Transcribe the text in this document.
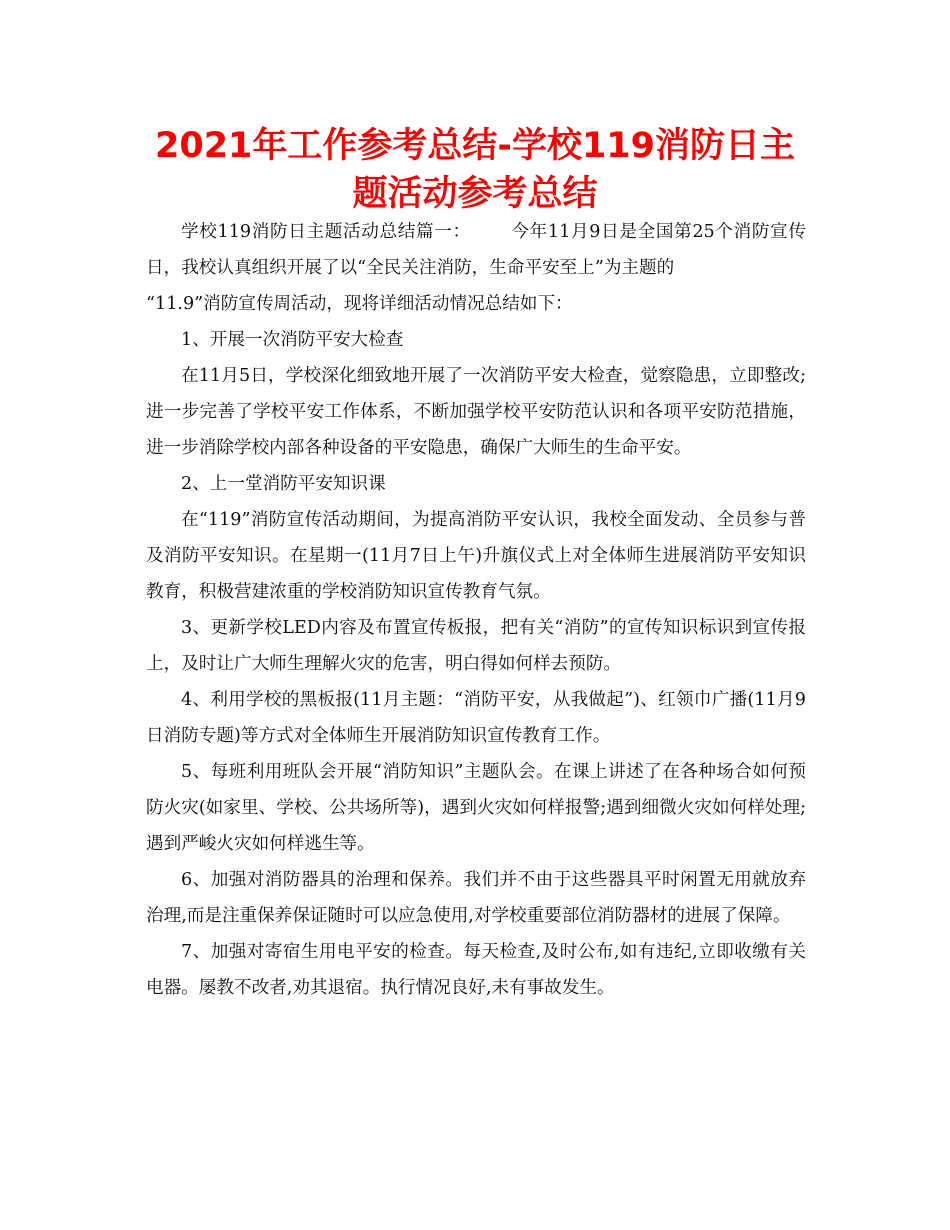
2021年工作参考总结-学校119消防日主题活动参考总结

学校119消防日主题活动总结篇一： 今年11月9日是全国第25个消防宣传日，我校认真组织开展了以“全民关注消防，生命平安至上”为主题的

“11.9”消防宣传周活动，现将详细活动情况总结如下：

1、开展一次消防平安大检查

在11月5日，学校深化细致地开展了一次消防平安大检查，觉察隐患，立即整改;进一步完善了学校平安工作体系，不断加强学校平安防范认识和各项平安防范措施，进一步消除学校内部各种设备的平安隐患，确保广大师生的生命平安。

2、上一堂消防平安知识课

在“119”消防宣传活动期间，为提高消防平安认识，我校全面发动、全员参与普及消防平安知识。在星期一(11月7日上午)升旗仪式上对全体师生进展消防平安知识教育，积极营建浓重的学校消防知识宣传教育气氛。

3、更新学校LED内容及布置宣传板报，把有关“消防”的宣传知识标识到宣传报上，及时让广大师生理解火灾的危害，明白得如何样去预防。

4、利用学校的黑板报(11月主题：“消防平安，从我做起”)、红领巾广播(11月9日消防专题)等方式对全体师生开展消防知识宣传教育工作。

5、每班利用班队会开展“消防知识”主题队会。在课上讲述了在各种场合如何预防火灾(如家里、学校、公共场所等)，遇到火灾如何样报警;遇到细微火灾如何样处理;遇到严峻火灾如何样逃生等。

6、加强对消防器具的治理和保养。我们并不由于这些器具平时闲置无用就放弃治理,而是注重保养保证随时可以应急使用,对学校重要部位消防器材的进展了保障。

7、加强对寄宿生用电平安的检查。每天检查,及时公布,如有违纪,立即收缴有关电器。屡教不改者,劝其退宿。执行情况良好,未有事故发生。
